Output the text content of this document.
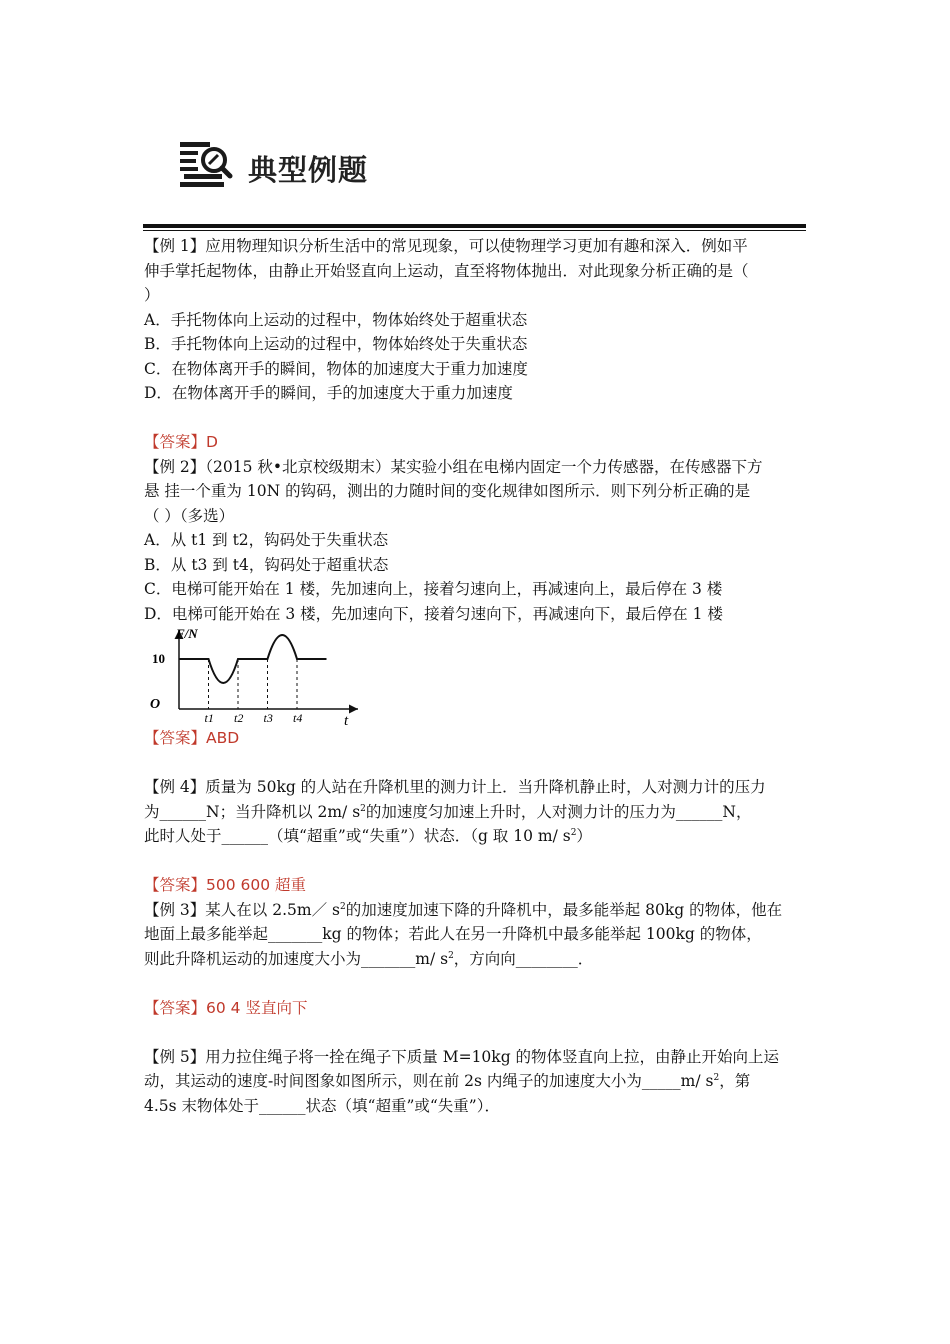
典型例题
【例 1】应用物理知识分析生活中的常见现象，可以使物理学习更加有趣和深入．例如平
伸手掌托起物体，由静止开始竖直向上运动，直至将物体抛出．对此现象分析正确的是（
）
A．手托物体向上运动的过程中，物体始终处于超重状态
B．手托物体向上运动的过程中，物体始终处于失重状态
C．在物体离开手的瞬间，物体的加速度大于重力加速度
D．在物体离开手的瞬间，手的加速度大于重力加速度
【答案】D
【例 2】（2015 秋•北京校级期末）某实验小组在电梯内固定一个力传感器，在传感器下方
悬 挂一个重为 10N 的钩码，测出的力随时间的变化规律如图所示．则下列分析正确的是
（ ）（多选）
A．从 t1 到 t2，钩码处于失重状态
B．从 t3 到 t4，钩码处于超重状态
C．电梯可能开始在 1 楼，先加速向上，接着匀速向上，再减速向上，最后停在 3 楼
D．电梯可能开始在 3 楼，先加速向下，接着匀速向下，再减速向下，最后停在 1 楼
F/N
O
t
10
t1 t2 t3 t4
【答案】ABD
【例 4】质量为 50kg 的人站在升降机里的测力计上．当升降机静止时，人对测力计的压力
为______N；当升降机以 2m/ $s^2$的加速度匀加速上升时，人对测力计的压力为______N，
此时人处于______（填“超重”或“失重”）状态．（g 取 10 m/ $s^2$）
【答案】500 600 超重
【例 3】某人在以 2.5m／ $s^2$的加速度加速下降的升降机中，最多能举起 80kg 的物体，他在
地面上最多能举起_______kg 的物体；若此人在另一升降机中最多能举起 100kg 的物体，
则此升降机运动的加速度大小为_______m/ $s^2$，方向向________．
【答案】60 4 竖直向下
【例 5】用力拉住绳子将一拴在绳子下质量 M=10kg 的物体竖直向上拉，由静止开始向上运
动，其运动的速度-时间图象如图所示，则在前 2s 内绳子的加速度大小为_____m/ $s^2$，第
4.5s 末物体处于______状态（填“超重”或“失重”）．
